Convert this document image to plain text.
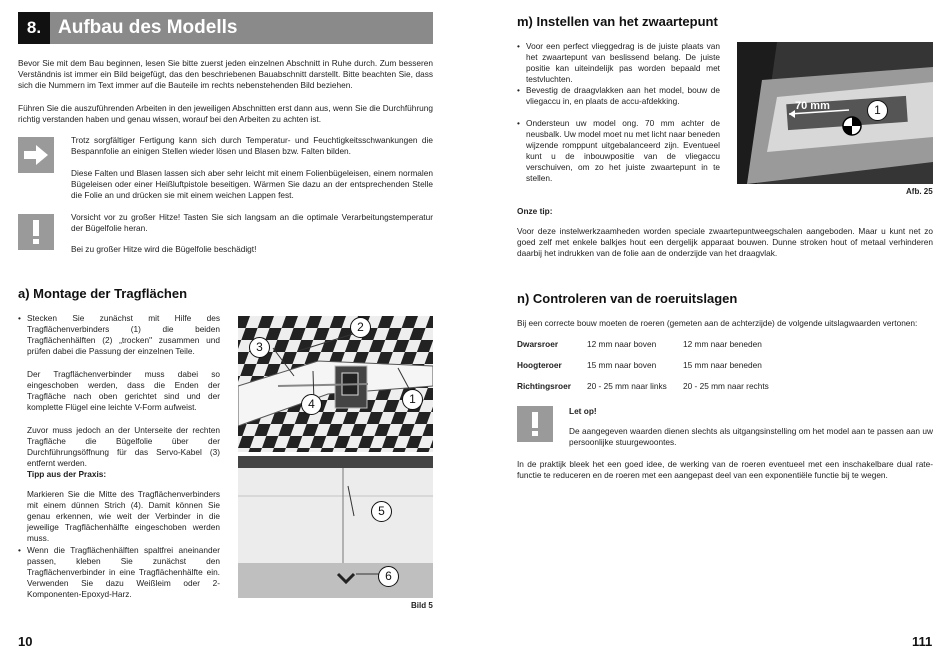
8. Aufbau des Modells

Bevor Sie mit dem Bau beginnen, lesen Sie bitte zuerst jeden einzelnen Abschnitt in Ruhe durch. Zum besseren Verständnis ist immer ein Bild beigefügt, das den beschriebenen Bauabschnitt darstellt. Bitte beachten Sie, dass sich die Nummern im Text immer auf die Bauteile im rechts nebenstehenden Bild beziehen.

Führen Sie die auszuführenden Arbeiten in den jeweiligen Abschnitten erst dann aus, wenn Sie die Durchführung richtig verstanden haben und genau wissen, worauf bei den Arbeiten zu achten ist.

Trotz sorgfältiger Fertigung kann sich durch Temperatur- und Feuchtigkeitsschwankungen die Bespannfolie an einigen Stellen wieder lösen und Blasen bzw. Falten bilden.

Diese Falten und Blasen lassen sich aber sehr leicht mit einem Folienbügeleisen, einem normalen Bügeleisen oder einer Heißluftpistole beseitigen. Wärmen Sie dazu an der entsprechenden Stelle die Folie an und drücken sie mit einem weichen Lappen fest.

Vorsicht vor zu großer Hitze! Tasten Sie sich langsam an die optimale Verarbeitungstemperatur der Bügelfolie heran.

Bei zu großer Hitze wird die Bügelfolie beschädigt!

a) Montage der Tragflächen
• Stecken Sie zunächst mit Hilfe des Tragflächenverbinders (1) die beiden Tragflächenhälften (2) „trocken" zusammen und prüfen dabei die Passung der einzelnen Teile.

Der Tragflächenverbinder muss dabei so eingeschoben werden, dass die Enden der Tragfläche nach oben gerichtet sind und der komplette Flügel eine leichte V-Form aufweist.

Zuvor muss jedoch an der Unterseite der rechten Tragfläche die Bügelfolie über der Durchführungsöffnung für das Servo-Kabel (3) entfernt werden.

Tipp aus der Praxis:

Markieren Sie die Mitte des Tragflächenverbinders mit einem dünnen Strich (4). Damit können Sie genau erkennen, wie weit der Verbinder in die jeweilige Tragflächenhälfte eingeschoben werden muss.

• Wenn die Tragflächenhälften spaltfrei aneinander passen, kleben Sie zunächst den Tragflächenverbinder in eine Tragflächenhälfte ein. Verwenden Sie dazu Weißleim oder 2-Komponenten-Epoxyd-Harz.

2
3
4	1
5
6
Bild 5
10
m) Instellen van het zwaartepunt
• Voor een perfect vlieggedrag is de juiste plaats van het zwaartepunt van beslissend belang. De juiste positie kan uiteindelijk pas worden bepaald met testvluchten.

• Bevestig de draagvlakken aan het model, bouw de vliegaccu in, en plaats de accu-afdekking.

• Ondersteun uw model ong. 70 mm achter de neusbalk. Uw model moet nu met licht naar beneden wijzende romppunt uitgebalanceerd zijn. Eventueel kunt u de inbouwpositie van de vliegaccu verschuiven, om zo het juiste zwaartepunt in te stellen.

70 mm	1
Afb. 25

Onze tip:

Voor deze instelwerkzaamheden worden speciale zwaartepuntweegschalen aangeboden. Maar u kunt net zo goed zelf met enkele balkjes hout een dergelijk apparaat bouwen. Dunne stroken hout of metaal verhinderen daarbij het indrukken van de folie aan de onderzijde van het draagvlak.

n) Controleren van de roeruitslagen

Bij een correcte bouw moeten de roeren (gemeten aan de achterzijde) de volgende uitslagwaarden vertonen:

Dwarsroer	12 mm naar boven	12 mm naar beneden
Hoogteroer	15 mm naar boven	15 mm naar beneden
Richtingsroer	20 - 25 mm naar links	20 - 25 mm naar rechts

Let op!

De aangegeven waarden dienen slechts als uitgangsinstelling om het model aan te passen aan uw persoonlijke stuurgewoontes.

In de praktijk bleek het een goed idee, de werking van de roeren eventueel met een inschakelbare dual rate-functie te reduceren en de roeren met een aangepast deel van een exponentiële functie bij te wegen.

111
